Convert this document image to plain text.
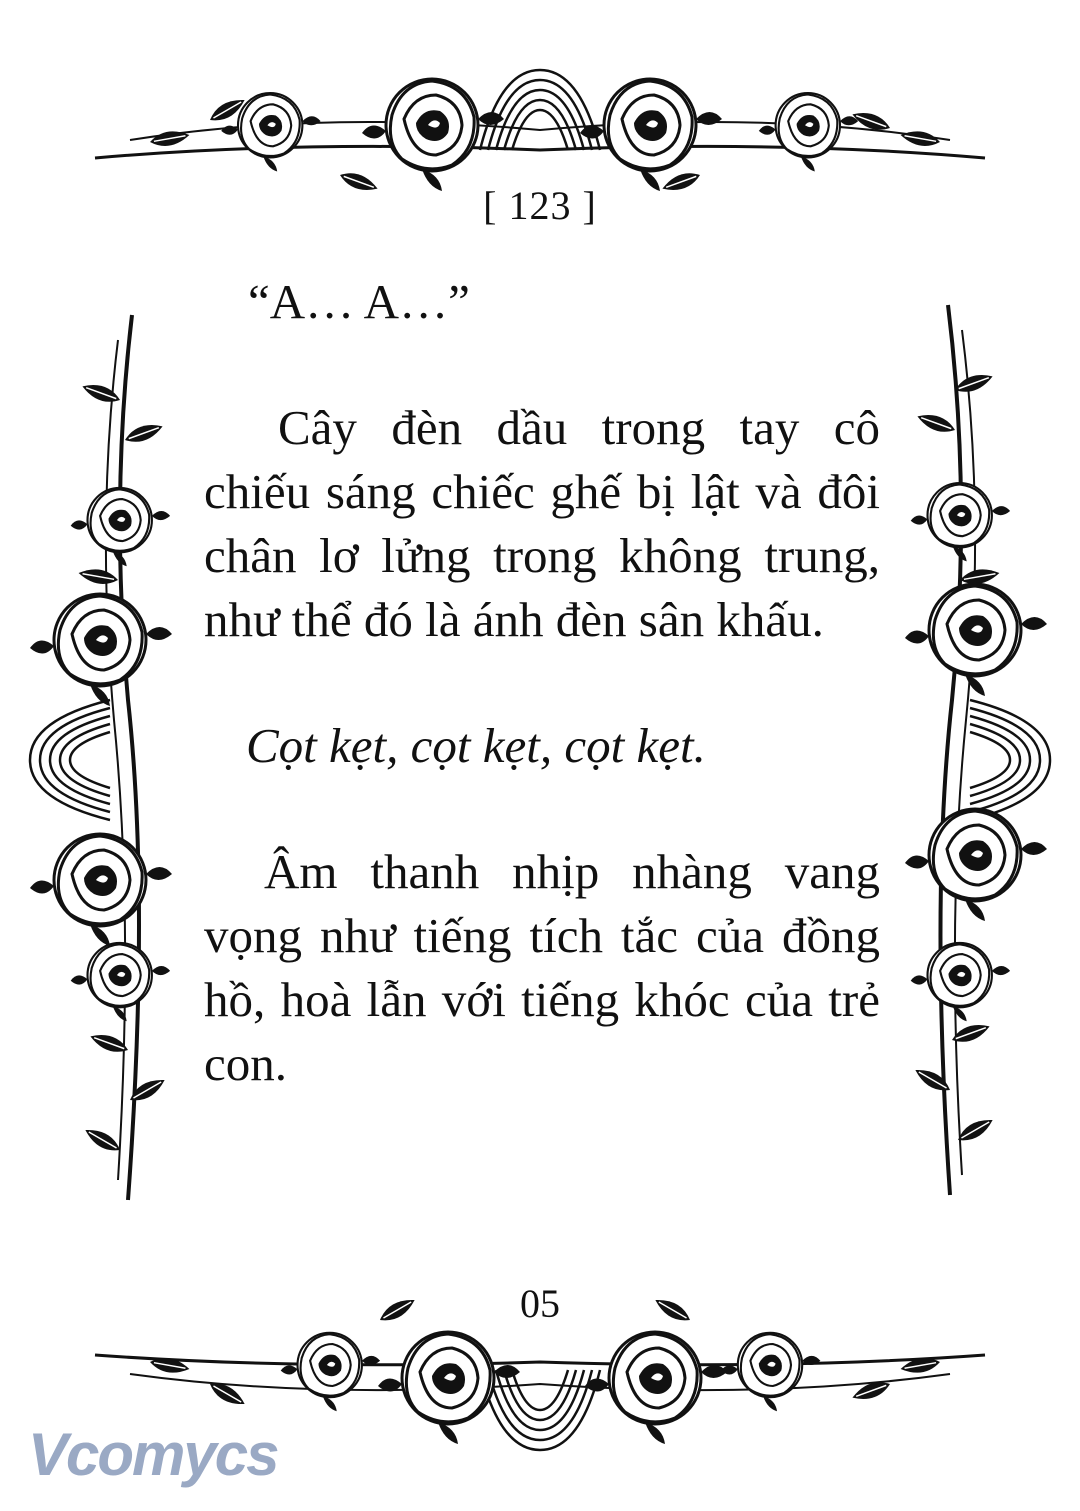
[ 123 ]

“A… A…”

Cây đèn dầu trong tay cô chiếu sáng chiếc ghế bị lật và đôi chân lơ lửng trong không trung, như thể đó là ánh đèn sân khấu.

Cọt kẹt, cọt kẹt, cọt kẹt.

Âm thanh nhịp nhàng vang vọng như tiếng tích tắc của đồng hồ, hoà lẫn với tiếng khóc của trẻ con.

05
Vcomycs
